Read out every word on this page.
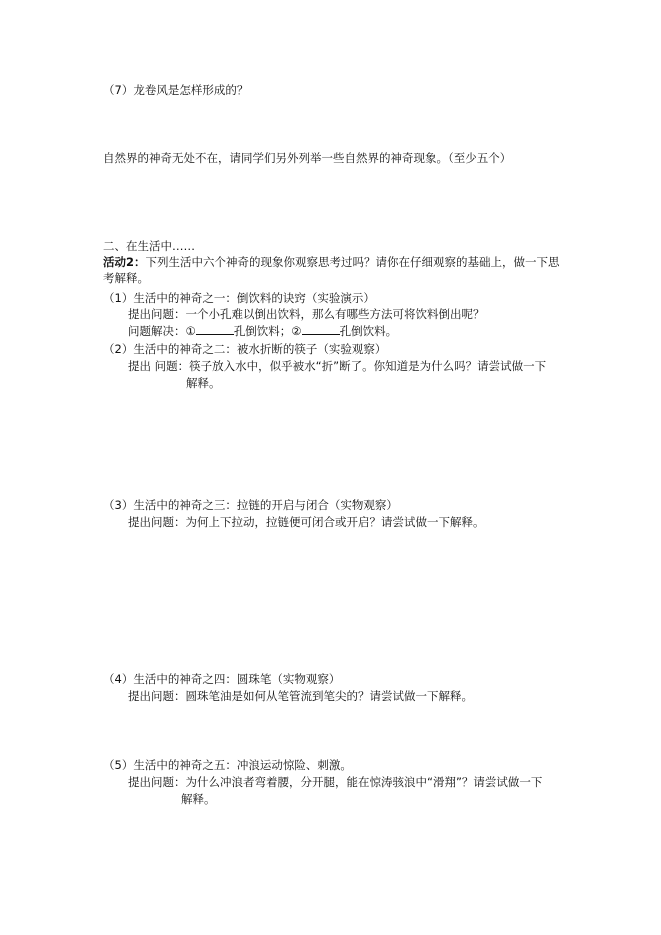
（7）龙卷风是怎样形成的？
自然界的神奇无处不在，请同学们另外列举一些自然界的神奇现象。（至少五个）
二、在生活中……
活动2：下列生活中六个神奇的现象你观察思考过吗？请你在仔细观察的基础上，做一下思
考解释。
（1）生活中的神奇之一：倒饮料的诀窍（实验演示）
提出问题：一个小孔难以倒出饮料，那么有哪些方法可将饮料倒出呢？
问题解决：①	孔倒饮料；②	孔倒饮料。
（2）生活中的神奇之二：被水折断的筷子（实验观察）
提出 问题：筷子放入水中，似乎被水“折”断了。你知道是为什么吗？请尝试做一下
解释。
（3）生活中的神奇之三：拉链的开启与闭合（实物观察）
提出问题：为何上下拉动，拉链便可闭合或开启？请尝试做一下解释。
（4）生活中的神奇之四：圆珠笔（实物观察）
提出问题：圆珠笔油是如何从笔管流到笔尖的？请尝试做一下解释。
（5）生活中的神奇之五：冲浪运动惊险、刺激。
提出问题：为什么冲浪者弯着腰，分开腿，能在惊涛骇浪中“滑翔”？请尝试做一下
解释。
